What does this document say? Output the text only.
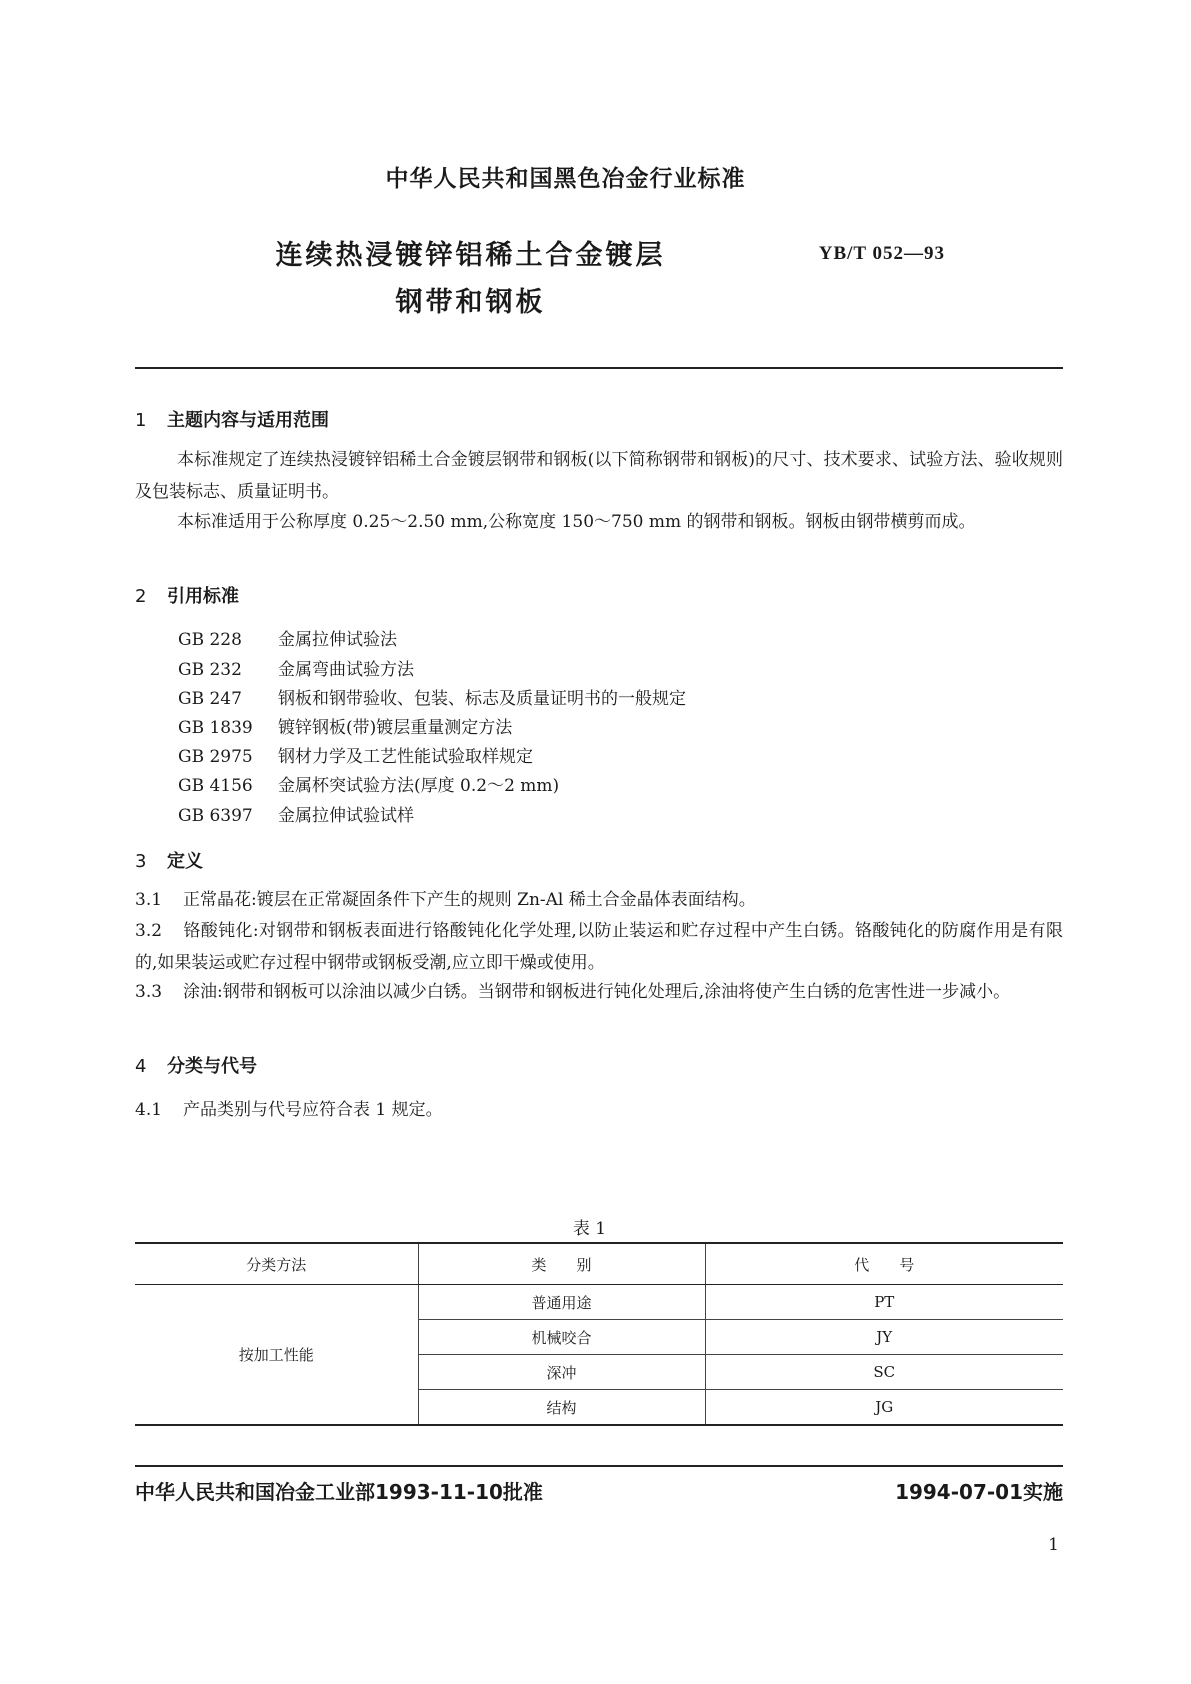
中华人民共和国黑色冶金行业标准
YB/T 052—93
连续热浸镀锌铝稀土合金镀层
钢带和钢板
1 主题内容与适用范围
本标准规定了连续热浸镀锌铝稀土合金镀层钢带和钢板(以下简称钢带和钢板)的尺寸、技术要求、试验方法、验收规则及包装标志、质量证明书。
本标准适用于公称厚度 0.25～2.50 mm,公称宽度 150～750 mm 的钢带和钢板。钢板由钢带横剪而成。
2 引用标准
GB 228 金属拉伸试验法
GB 232 金属弯曲试验方法
GB 247 钢板和钢带验收、包装、标志及质量证明书的一般规定
GB 1839 镀锌钢板(带)镀层重量测定方法
GB 2975 钢材力学及工艺性能试验取样规定
GB 4156 金属杯突试验方法(厚度 0.2～2 mm)
GB 6397 金属拉伸试验试样
3 定义
3.1 正常晶花:镀层在正常凝固条件下产生的规则 Zn-Al 稀土合金晶体表面结构。
3.2 铬酸钝化:对钢带和钢板表面进行铬酸钝化化学处理,以防止装运和贮存过程中产生白锈。铬酸钝化的防腐作用是有限的,如果装运或贮存过程中钢带或钢板受潮,应立即干燥或使用。
3.3 涂油:钢带和钢板可以涂油以减少白锈。当钢带和钢板进行钝化处理后,涂油将使产生白锈的危害性进一步减小。
4 分类与代号
4.1 产品类别与代号应符合表 1 规定。
表 1
分类方法	类　　别	代　　号
按加工性能	普通用途	PT
	机械咬合	JY
	深冲	SC
	结构	JG
中华人民共和国冶金工业部1993-11-10批准	1994-07-01实施
1
